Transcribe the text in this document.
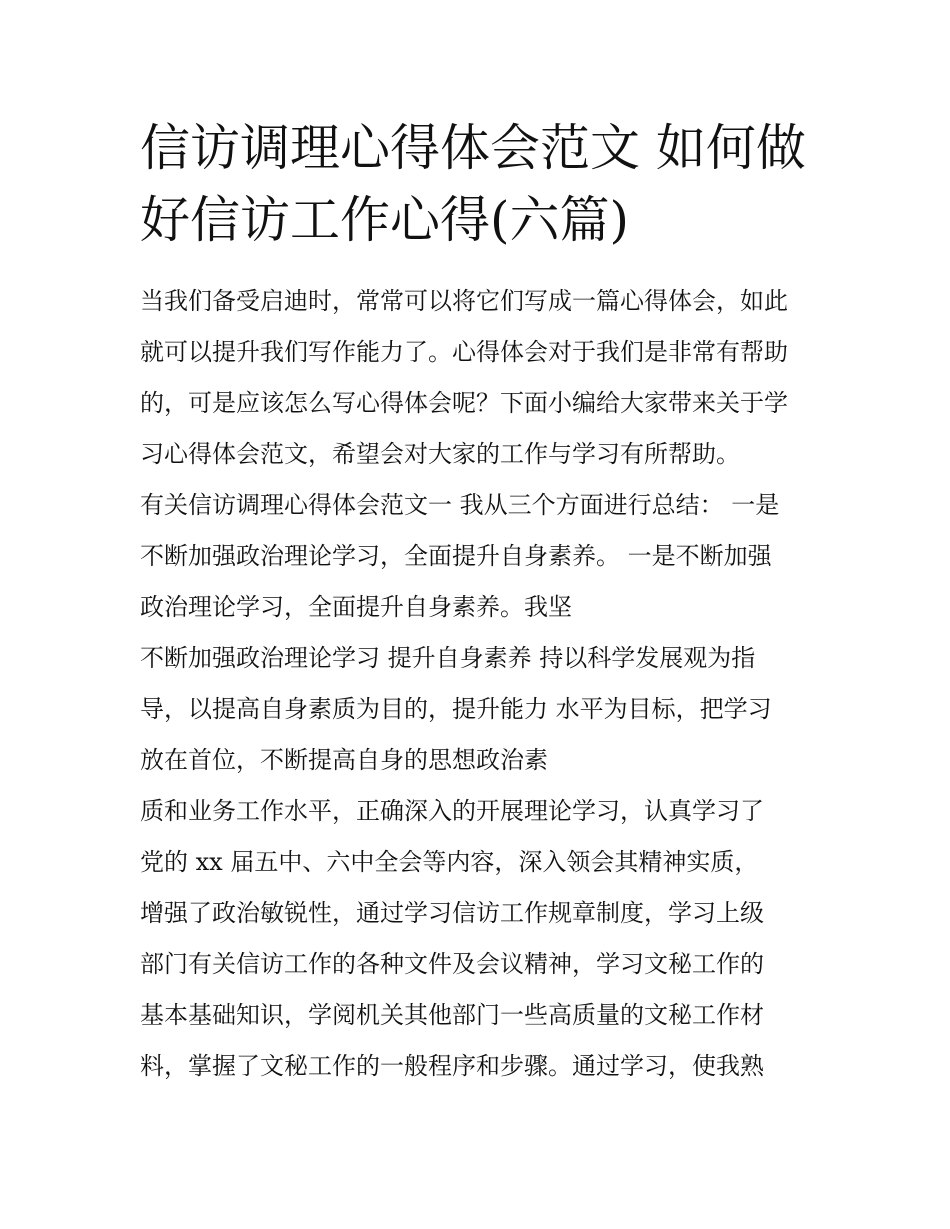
信访调理心得体会范文 如何做
好信访工作心得(六篇)
当我们备受启迪时，常常可以将它们写成一篇心得体会，如此
就可以提升我们写作能力了。心得体会对于我们是非常有帮助
的，可是应该怎么写心得体会呢？下面小编给大家带来关于学
习心得体会范文，希望会对大家的工作与学习有所帮助。
有关信访调理心得体会范文一 我从三个方面进行总结： 一是
不断加强政治理论学习，全面提升自身素养。 一是不断加强
政治理论学习，全面提升自身素养。我坚
不断加强政治理论学习 提升自身素养 持以科学发展观为指
导，以提高自身素质为目的，提升能力 水平为目标，把学习
放在首位，不断提高自身的思想政治素
质和业务工作水平，正确深入的开展理论学习，认真学习了
党的 xx 届五中、六中全会等内容，深入领会其精神实质，
增强了政治敏锐性，通过学习信访工作规章制度，学习上级
部门有关信访工作的各种文件及会议精神，学习文秘工作的
基本基础知识，学阅机关其他部门一些高质量的文秘工作材
料，掌握了文秘工作的一般程序和步骤。通过学习，使我熟
